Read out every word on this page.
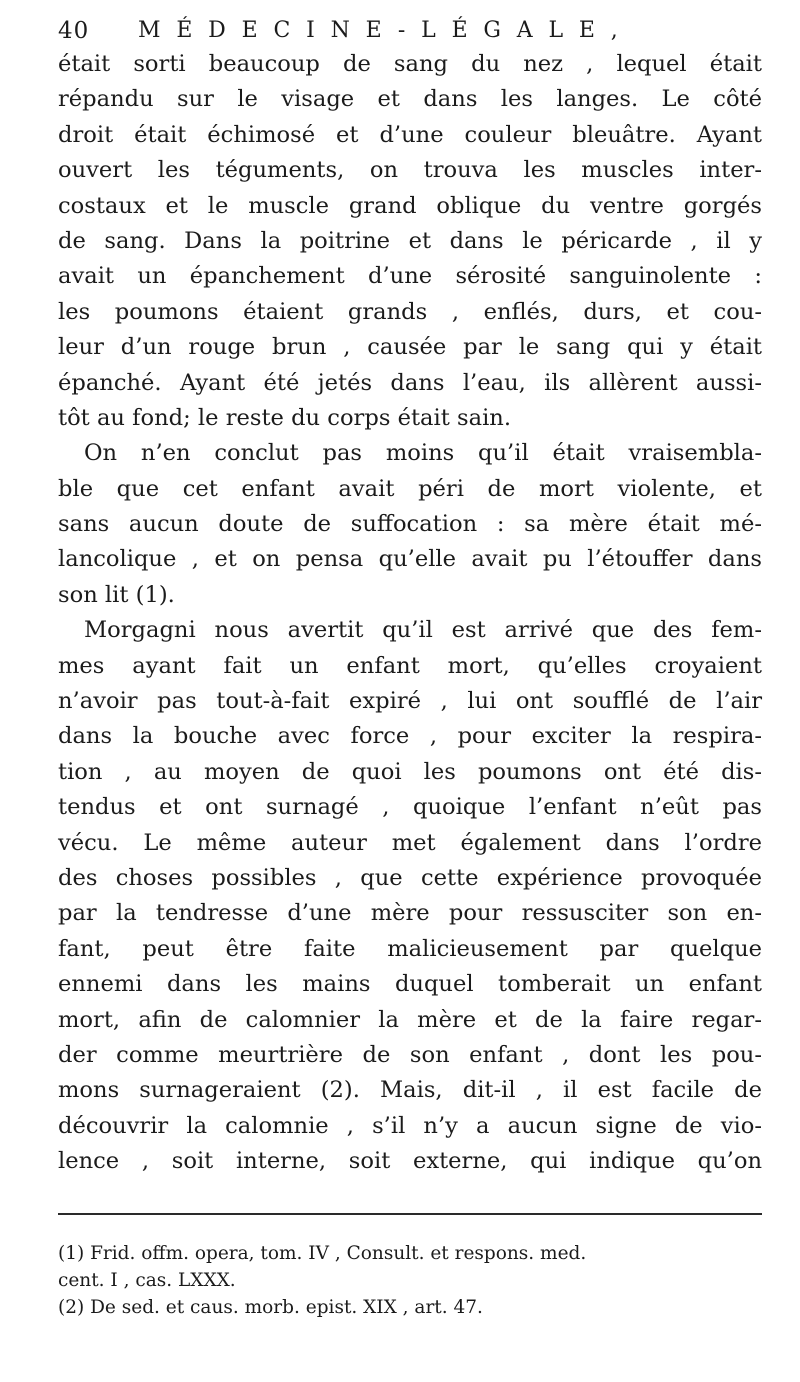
40 MÉDECINE-LÉGALE,
était sorti beaucoup de sang du nez , lequel était
répandu sur le visage et dans les langes. Le côté
droit était échimosé et d’une couleur bleuâtre. Ayant
ouvert les téguments, on trouva les muscles inter-
costaux et le muscle grand oblique du ventre gorgés
de sang. Dans la poitrine et dans le péricarde , il y
avait un épanchement d’une sérosité sanguinolente :
les poumons étaient grands , enflés, durs, et cou-
leur d’un rouge brun , causée par le sang qui y était
épanché. Ayant été jetés dans l’eau, ils allèrent aussi-
tôt au fond; le reste du corps était sain.
On n’en conclut pas moins qu’il était vraisembla-
ble que cet enfant avait péri de mort violente, et
sans aucun doute de suffocation : sa mère était mé-
lancolique , et on pensa qu’elle avait pu l’étouffer dans
son lit (1).
Morgagni nous avertit qu’il est arrivé que des fem-
mes ayant fait un enfant mort, qu’elles croyaient
n’avoir pas tout-à-fait expiré , lui ont soufflé de l’air
dans la bouche avec force , pour exciter la respira-
tion , au moyen de quoi les poumons ont été dis-
tendus et ont surnagé , quoique l’enfant n’eût pas
vécu. Le même auteur met également dans l’ordre
des choses possibles , que cette expérience provoquée
par la tendresse d’une mère pour ressusciter son en-
fant, peut être faite malicieusement par quelque
ennemi dans les mains duquel tomberait un enfant
mort, afin de calomnier la mère et de la faire regar-
der comme meurtrière de son enfant , dont les pou-
mons surnageraient (2). Mais, dit-il , il est facile de
découvrir la calomnie , s’il n’y a aucun signe de vio-
lence , soit interne, soit externe, qui indique qu’on
(1) Frid. offm. opera, tom. IV , Consult. et respons. med.
cent. I , cas. LXXX.
(2) De sed. et caus. morb. epist. XIX , art. 47.
